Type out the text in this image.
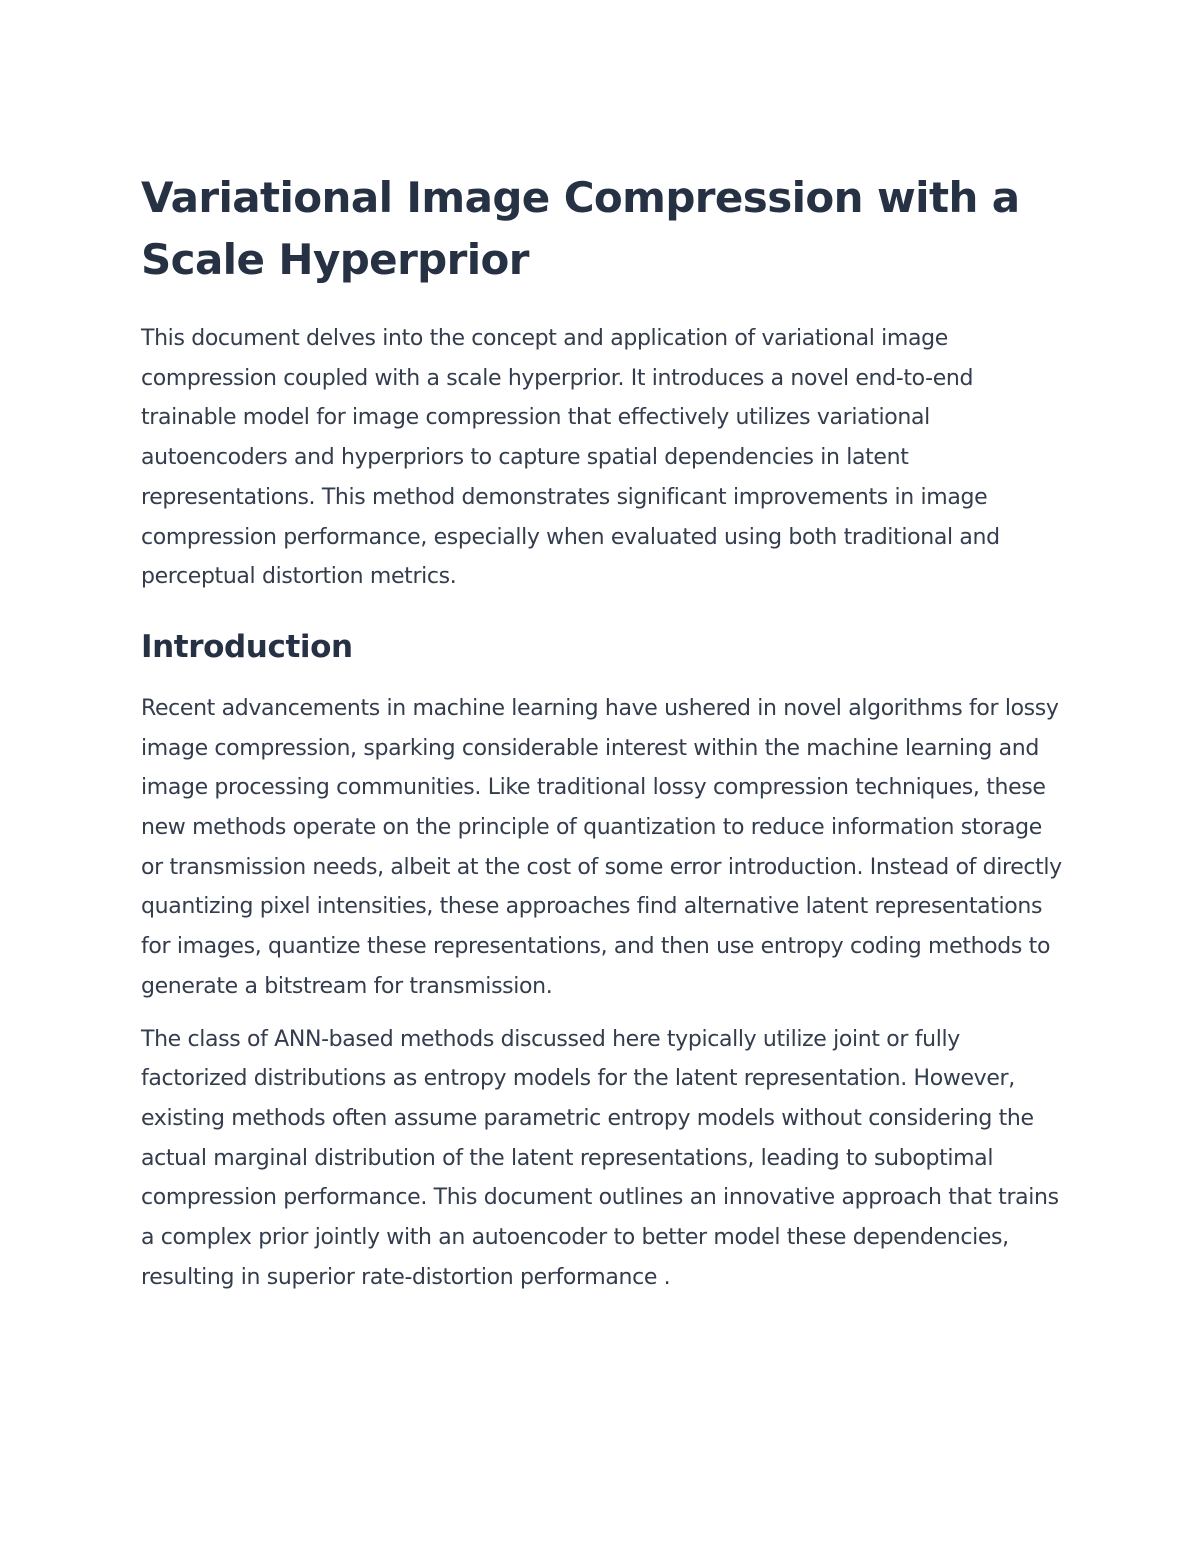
Variational Image Compression with a Scale Hyperprior

This document delves into the concept and application of variational image compression coupled with a scale hyperprior. It introduces a novel end-to-end trainable model for image compression that effectively utilizes variational autoencoders and hyperpriors to capture spatial dependencies in latent representations. This method demonstrates significant improvements in image compression performance, especially when evaluated using both traditional and perceptual distortion metrics.

Introduction

Recent advancements in machine learning have ushered in novel algorithms for lossy image compression, sparking considerable interest within the machine learning and image processing communities. Like traditional lossy compression techniques, these new methods operate on the principle of quantization to reduce information storage or transmission needs, albeit at the cost of some error introduction. Instead of directly quantizing pixel intensities, these approaches find alternative latent representations for images, quantize these representations, and then use entropy coding methods to generate a bitstream for transmission.

The class of ANN-based methods discussed here typically utilize joint or fully factorized distributions as entropy models for the latent representation. However, existing methods often assume parametric entropy models without considering the actual marginal distribution of the latent representations, leading to suboptimal compression performance. This document outlines an innovative approach that trains a complex prior jointly with an autoencoder to better model these dependencies, resulting in superior rate-distortion performance .
